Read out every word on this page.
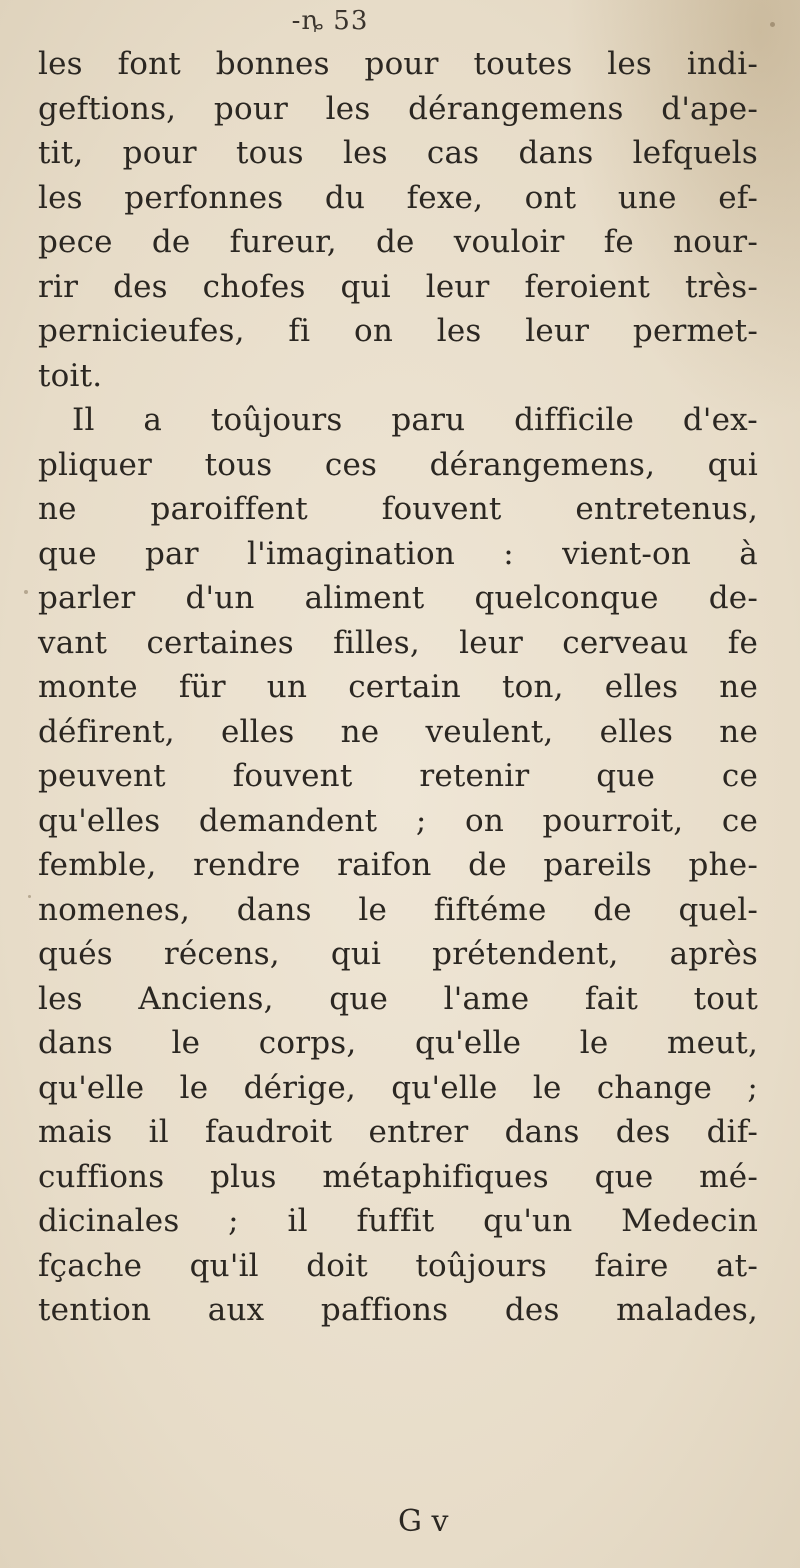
-ȵ 53
les font bonnes pour toutes les indi-
geftions, pour les dérangemens d'ape-
tit, pour tous les cas dans lefquels
les perfonnes du fexe, ont une ef-
pece de fureur, de vouloir fe nour-
rir des chofes qui leur feroient très-
pernicieufes, fi on les leur permet-
toit.
Il a toûjours paru difficile d'ex-
pliquer tous ces dérangemens, qui
ne paroiffent fouvent entretenus,
que par l'imagination : vient-on à
parler d'un aliment quelconque de-
vant certaines filles, leur cerveau fe
monte für un certain ton, elles ne
défirent, elles ne veulent, elles ne
peuvent fouvent retenir que ce
qu'elles demandent ; on pourroit, ce
femble, rendre raifon de pareils phe-
nomenes, dans le fiftéme de quel-
qués récens, qui prétendent, après
les Anciens, que l'ame fait tout
dans le corps, qu'elle le meut,
qu'elle le dérige, qu'elle le change ;
mais il faudroit entrer dans des dif-
cuffions plus métaphifiques que mé-
dicinales ; il fuffit qu'un Medecin
fçache qu'il doit toûjours faire at-
tention aux paffions des malades,
G v
